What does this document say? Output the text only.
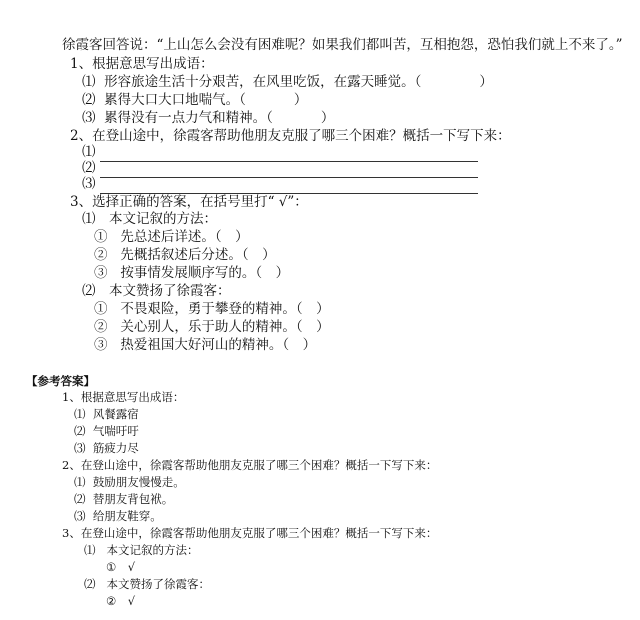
徐霞客回答说：“上山怎么会没有困难呢？如果我们都叫苦，互相抱怨，恐怕我们就上不来了。”
1、根据意思写出成语：
⑴ 形容旅途生活十分艰苦，在风里吃饭，在露天睡觉。（	）
⑵ 累得大口大口地喘气。（	）
⑶ 累得没有一点力气和精神。（	）
2、在登山途中，徐霞客帮助他朋友克服了哪三个困难？概括一下写下来：
⑴
⑵
⑶
3、选择正确的答案，在括号里打“ √”：
⑴　本文记叙的方法：
① 先总述后详述。（　）
② 先概括叙述后分述。（　）
③ 按事情发展顺序写的。（　）
⑵　本文赞扬了徐霞客：
① 不畏艰险，勇于攀登的精神。（　）
② 关心别人，乐于助人的精神。（　）
③ 热爱祖国大好河山的精神。（　）
【参考答案】
1、根据意思写出成语：
⑴ 风餐露宿
⑵ 气喘吁吁
⑶ 筋疲力尽
2、在登山途中，徐霞客帮助他朋友克服了哪三个困难？概括一下写下来：
⑴ 鼓励朋友慢慢走。
⑵ 替朋友背包袱。
⑶ 给朋友鞋穿。
3、在登山途中，徐霞客帮助他朋友克服了哪三个困难？概括一下写下来：
⑴ 本文记叙的方法：
①　√
⑵ 本文赞扬了徐霞客：
②　√
